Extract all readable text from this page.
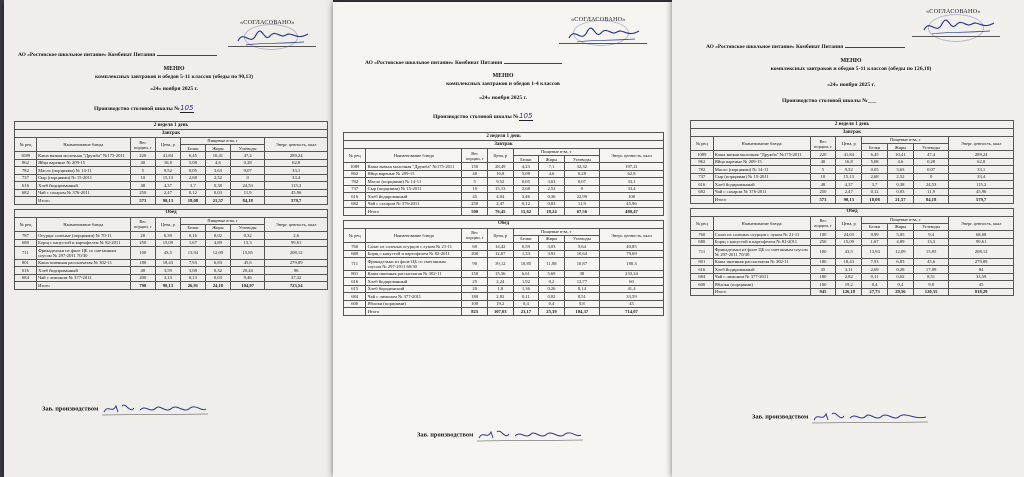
«СОГЛАСОВАНО»
АО «Ростовское школьное питание» Комбинат Питания
МЕНЮ
комплексных завтраков и обедов 5-11 классов (обеды по 90,13)
«24» ноября 2025 г.
Производство столовой школы №105
2 неделя 1 день							
Завтрак							
№ рец	Наименование блюда	Вес порции, г	Цена, р	Пищевые в-ва, г			Энерг. ценность, ккал
				Белки	Жиры	Углеводы	
1089	Каша вязкая молочная "Дружба" №175-2011	220	41,84	6,45	10,41	47,4	289,24
862	Яйца вареные № 209-15	40	16,8	5,08	4,6	0,28	62,8
782	Масло (порциями) № 14-11	5	9,52	0,05	3,63	0,07	33,1
737	Сыр (порциями) № 15-2011	10	15,13	2,68	2,52	0	33,4
616	Хлеб йодированный	48	4,37	3,7	0,38	24,53	115,2
682	Чай с сахаром № 376-2011	250	2,47	0,12	0,03	11,9	45,96
	Итого	573	90,13	18,08	21,57	84,18	579,7

Обед							
№ рец	Наименование блюда	Вес порции, г	Цена, р	Пищевые в-ва, г			Энерг. ценность, ккал
				Белки	Жиры	Углеводы	
787	Огурцы соленые (порциями) № 70-11	20	6,39	0,16	0,02	0,32	2,6
680	Борщ с капустой и картофелем № 82-2011	250	15,09	1,67	4,89	13,3	99,61
711	Фрикадельки из филе ЦБ со сметанным соусом № 297-2011 70/30	100	43,5	13,94	12,09	15,85	208,12
801	Каша пшенная рассыпчатая № 302-11	180	18,43	7,93	6,83	45,6	279,89
616	Хлеб йодированный	40	3,59	3,08	0,32	20,44	96
684	Чай с лимоном № 377-2011	200	3,13	0,13	0,03	9,46	37,32
	Итого	790	90,13	26,91	24,18	104,97	723,54
Зав. производством
«СОГЛАСОВАНО»
АО «Ростовское школьное питание» Комбинат Питания
МЕНЮ
комплексных завтраков и обедов 1-4 классов
«24» ноября 2025 г.
Производство столовой школы №105
2 неделя 1 день							
Завтрак							
№ рец	Наименование блюда	Вес порции, г	Цена, р	Пищевые в-ва, г			Энерг. ценность, ккал
				Белки	Жиры	Углеводы	
1089	Каша вязкая молочная "Дружба" №175-2011	150	28,49	4,23	7,1	32,32	197,21
862	Яйца вареные № 209-15	40	16,8	5,08	4,6	0,28	62,8
782	Масло (порциями) № 14-11	5	9,52	0,05	3,63	0,07	33,1
737	Сыр (порциями) № 15-2011	10	15,13	2,68	2,52	0	33,4
616	Хлеб йодированный	45	4,04	3,46	0,36	22,99	108
682	Чай с сахаром № 376-2011	250	2,47	0,12	0,03	11,9	45,96
	Итого	500	76,45	15,62	18,24	67,56	480,47

Обед							
№ рец	Наименование блюда	Вес порции, г	Цена, р	Пищевые в-ва, г			Энерг. ценность, ккал
				Белки	Жиры	Углеводы	
760	Салат из соленых огурцов с луком № 21-11	60	14,42	0,59	3,03	5,64	40,85
680	Борщ с капустой и картофелем № 82-2011	200	12,07	1,33	3,91	10,64	79,69
711	Фрикадельки из филе ЦБ со сметанным соусом № 297-2011 60/30	90	39,12	10,85	11,88	10,87	180,3
801	Каша пшенная рассыпчатая № 302-11	150	15,36	6,61	5,69	38	233,24
616	Хлеб йодированный	25	2,24	1,92	0,2	12,77	60
615	Хлеб бородинский	20	1,8	1,36	0,26	8,14	41,4
684	Чай с лимоном № 377-2011	180	2,82	0,11	0,02	8,51	33,59
600	Яблоки (порциями)	100	19,2	0,4	0,4	9,8	45
	Итого	825	107,03	23,17	25,39	104,37	714,07
Зав. производством
«СОГЛАСОВАНО»
АО «Ростовское школьное питание» Комбинат Питания
МЕНЮ
комплексных завтраков и обедов 5-11 классов (обеды по 126,18)
«24» ноября 2025 г.
Производство столовой школы №___
2 неделя 1 день							
Завтрак							
№ рец	Наименование блюда	Вес порции, г	Цена, р	Пищевые в-ва, г			Энерг. ценность, ккал
				Белки	Жиры	Углеводы	
1089	Каша вязкая молочная "Дружба" №175-2011	220	41,84	6,45	10,41	47,4	289,24
862	Яйца вареные № 209-15	40	16,8	5,08	4,6	0,28	62,8
782	Масло (порциями) № 14-11	5	9,52	0,05	3,63	0,07	33,1
737	Сыр (порциями) № 15-2011	10	15,13	2,68	2,52	0	33,4
616	Хлеб йодированный	48	4,37	3,7	0,38	24,53	115,2
682	Чай с сахаром № 376-2011	250	2,47	0,12	0,03	11,9	45,96
	Итого	573	90,13	18,08	21,57	84,18	579,7

Обед							
№ рец	Наименование блюда	Вес порции, г	Цена, р	Пищевые в-ва, г			Энерг. ценность, ккал
				Белки	Жиры	Углеводы	
760	Салат из соленых огурцов с луком № 21-11	100	24,03	0,99	5,05	9,4	68,08
680	Борщ с капустой и картофелем № 82-2011	250	15,09	1,67	4,89	13,3	99,61
711	Фрикадельки из филе ЦБ со сметанным соусом № 297-2011 70/30	100	43,5	13,94	12,09	15,85	208,12
801	Каша пшенная рассыпчатая № 302-11	180	18,43	7,93	6,83	45,6	279,89
616	Хлеб йодированный	35	3,11	2,69	0,28	17,89	84
684	Чай с лимоном № 377-2011	180	2,82	0,11	0,02	8,51	33,59
600	Яблоки (порциями)	100	19,2	0,4	0,4	9,8	45
	Итого	945	126,18	27,73	29,56	120,35	818,29
Зав. производством
